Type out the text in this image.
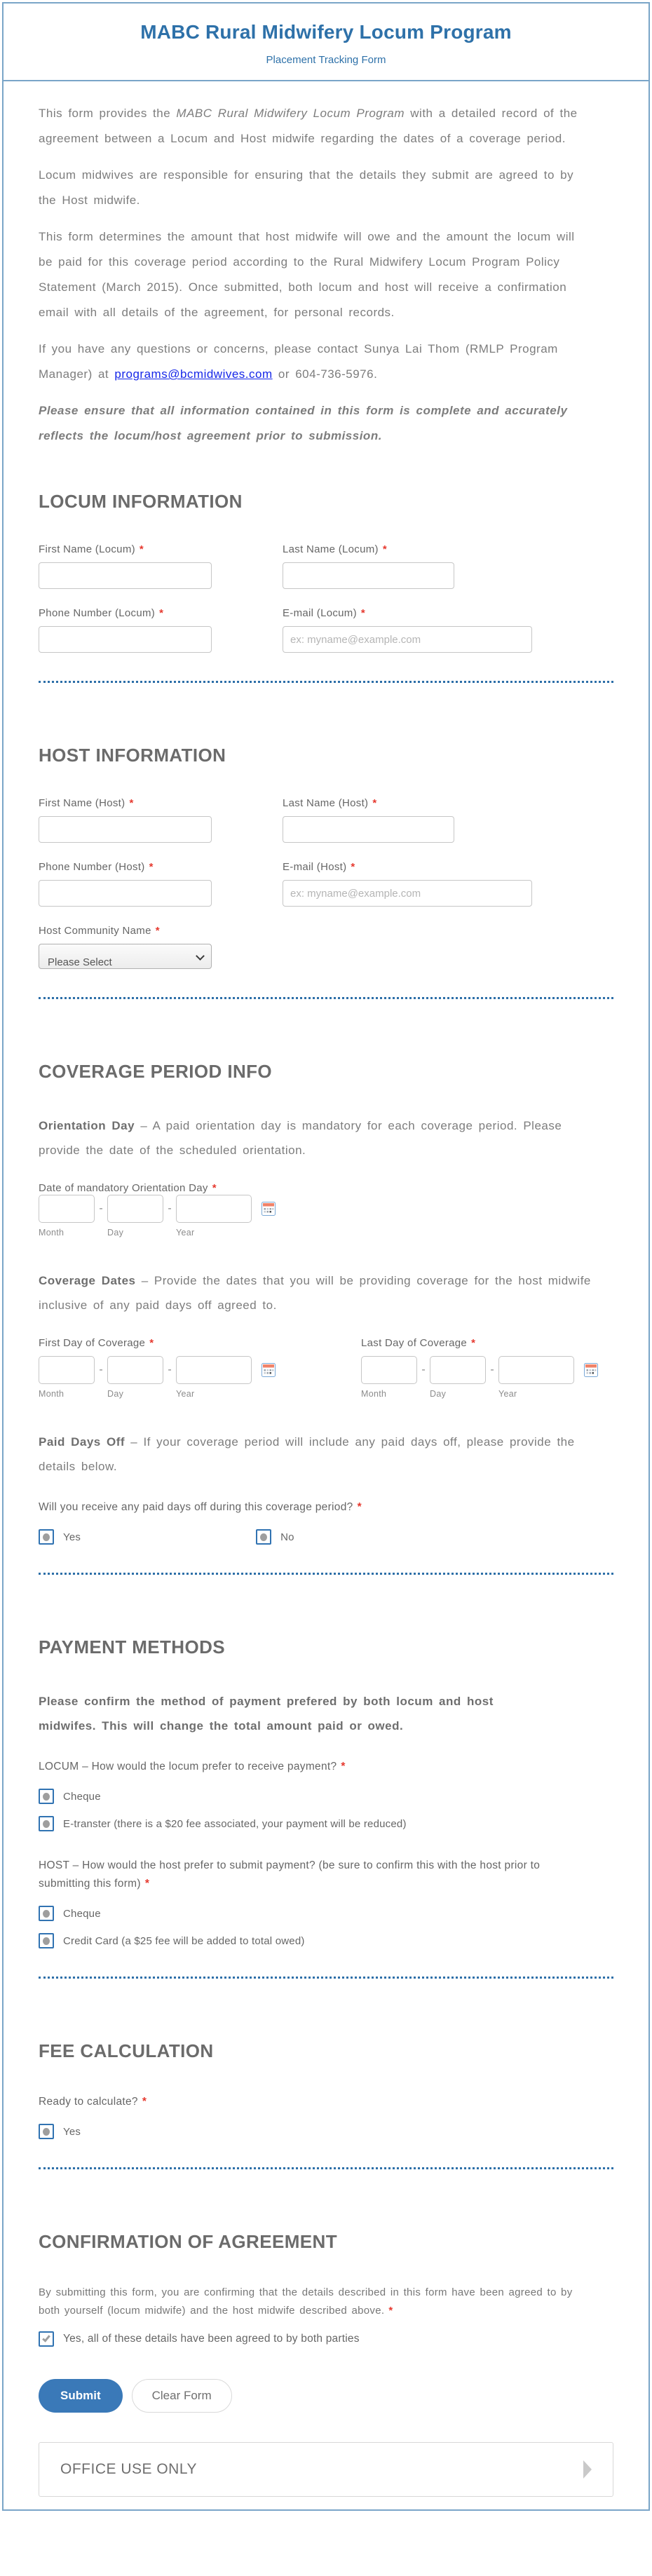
MABC Rural Midwifery Locum Program
Placement Tracking Form

This form provides the MABC Rural Midwifery Locum Program with a detailed record of the agreement between a Locum and Host midwife regarding the dates of a coverage period.

Locum midwives are responsible for ensuring that the details they submit are agreed to by the Host midwife.

This form determines the amount that host midwife will owe and the amount the locum will be paid for this coverage period according to the Rural Midwifery Locum Program Policy Statement (March 2015). Once submitted, both locum and host will receive a confirmation email with all details of the agreement, for personal records.

If you have any questions or concerns, please contact Sunya Lai Thom (RMLP Program Manager) at programs@bcmidwives.com or 604-736-5976.

Please ensure that all information contained in this form is complete and accurately reflects the locum/host agreement prior to submission.

LOCUM INFORMATION
First Name (Locum) *	Last Name (Locum) *
Phone Number (Locum) *	E-mail (Locum) *
ex: myname@example.com
HOST INFORMATION
First Name (Host) *	Last Name (Host) *
Phone Number (Host) *	E-mail (Host) *
ex: myname@example.com
Host Community Name *
Please Select
COVERAGE PERIOD INFO

Orientation Day – A paid orientation day is mandatory for each coverage period. Please provide the date of the scheduled orientation.

Date of mandatory Orientation Day *
-	-
Month	Day	Year

Coverage Dates – Provide the dates that you will be providing coverage for the host midwife inclusive of any paid days off agreed to.

First Day of Coverage *
-	-
Month	Day	Year
Last Day of Coverage *
-	-
Month	Day	Year

Paid Days Off – If your coverage period will include any paid days off, please provide the details below.

Will you receive any paid days off during this coverage period? *
Yes	No
PAYMENT METHODS

Please confirm the method of payment prefered by both locum and host midwifes. This will change the total amount paid or owed.

LOCUM – How would the locum prefer to receive payment? *
Cheque
E-transter (there is a $20 fee associated, your payment will be reduced)
HOST – How would the host prefer to submit payment? (be sure to confirm this with the host prior to submitting this form) *
Cheque
Credit Card (a $25 fee will be added to total owed)
FEE CALCULATION
Ready to calculate? *
Yes
CONFIRMATION OF AGREEMENT

By submitting this form, you are confirming that the details described in this form have been agreed to by both yourself (locum midwife) and the host midwife described above. *

Yes, all of these details have been agreed to by both parties
Submit	Clear Form
OFFICE USE ONLY
